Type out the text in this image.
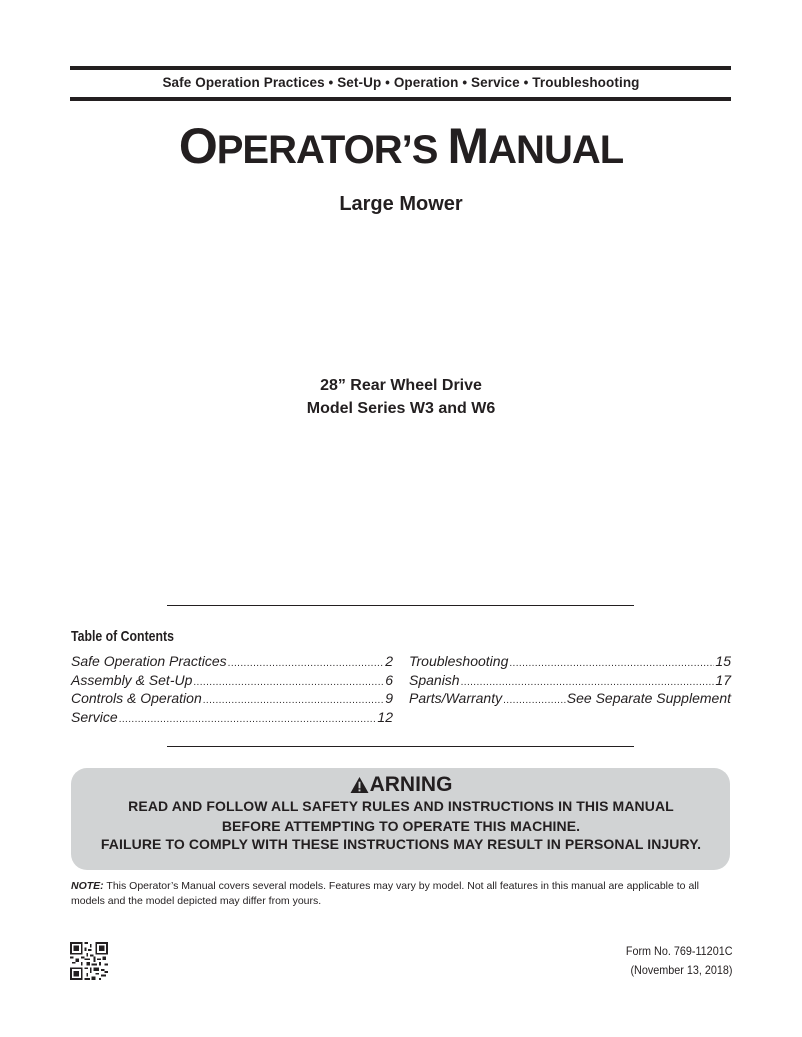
Safe Operation Practices • Set-Up • Operation • Service • Troubleshooting
OPERATOR’S MANUAL
Large Mower
28” Rear Wheel Drive
Model Series W3 and W6
Table of Contents
Safe Operation Practices .....	2
Assembly & Set-Up .....	6
Controls & Operation .....	9
Service .....	12
Troubleshooting .....	15
Spanish .....	17
Parts/Warranty .....	See Separate Supplement
ARNING
READ AND FOLLOW ALL SAFETY RULES AND INSTRUCTIONS IN THIS MANUAL
BEFORE ATTEMPTING TO OPERATE THIS MACHINE.
FAILURE TO COMPLY WITH THESE INSTRUCTIONS MAY RESULT IN PERSONAL INJURY.
NOTE: This Operator’s Manual covers several models. Features may vary by model. Not all features in this manual are applicable to all models and the model depicted may differ from yours.
Form No. 769-11201C
(November 13, 2018)
